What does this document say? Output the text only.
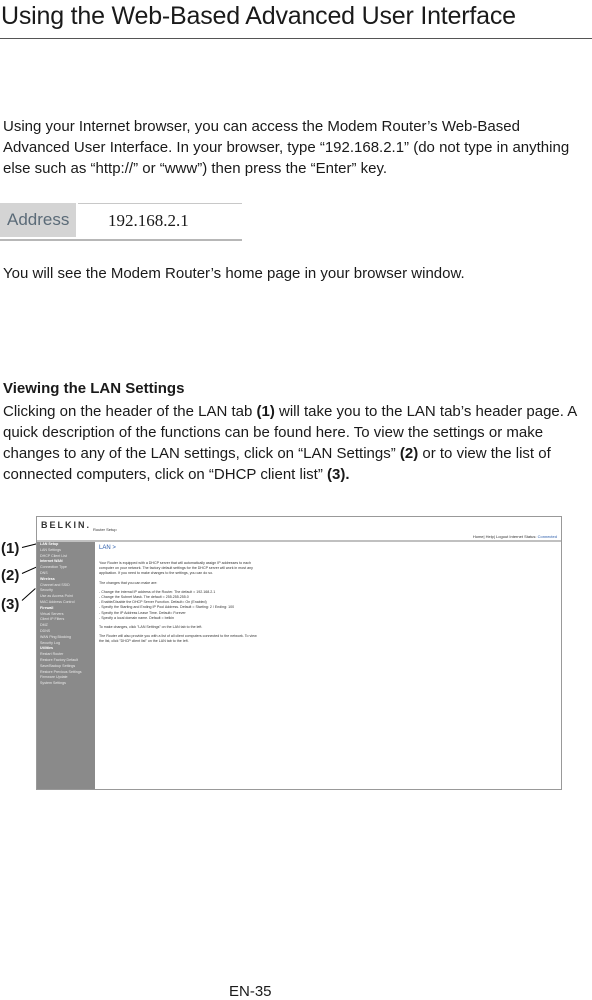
Using the Web-Based Advanced User Interface
Using your Internet browser, you can access the Modem Router’s Web-Based Advanced User Interface. In your browser, type “192.168.2.1” (do not type in anything else such as “http://” or “www”) then press the “Enter” key.
Address	192.168.2.1
You will see the Modem Router’s home page in your browser window.
Viewing the LAN Settings
Clicking on the header of the LAN tab (1) will take you to the LAN tab’s header page. A quick description of the functions can be found here. To view the settings or make changes to any of the LAN settings, click on “LAN Settings” (2) or to view the list of connected computers, click on “DHCP client list” (3).
(1)
(2)
(3)
BELKIN. Router Setup
Home| Help| Logout Internet Status: Connected
LAN Setup
LAN Settings
DHCP Client List
Internet WAN
Connection Type
DNS
Wireless
Channel and SSID
Security
Use as Access Point
MAC Address Control
Firewall
Virtual Servers
Client IP Filters
DMZ
DDNS
WAN Ping Blocking
Security Log
Utilities
Restart Router
Restore Factory Default
Save/Backup Settings
Restore Previous Settings
Firmware Update
System Settings
LAN >
Your Router is equipped with a DHCP server that will automatically assign IP addresses to each
computer on your network. The factory default settings for the DHCP server will work in most any
application. If you need to make changes to the settings, you can do so.
The changes that you can make are:
- Change the internal IP address of the Router. The default = 192.168.2.1
- Change the Subnet Mask. The default = 255.255.255.0
- Enable/Disable the DHCP Server Function. Default= On (Enabled)
- Specify the Starting and Ending IP Pool Address. Default = Starting: 2 / Ending: 100
- Specify the IP Address Lease Time. Default= Forever
- Specify a local domain name. Default = belkin
To make changes, click "LAN Settings" on the LAN tab to the left.
The Router will also provide you with a list of all client computers connected to the network. To view
the list, click "DHCP client list" on the LAN tab to the left.
EN-35
